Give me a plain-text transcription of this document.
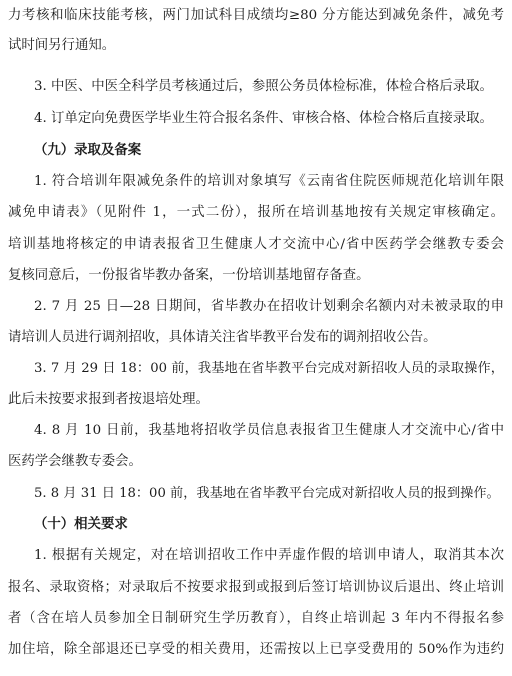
力考核和临床技能考核，两门加试科目成绩均≥80 分方能达到减免条件，减免考
试时间另行通知。
3. 中医、中医全科学员考核通过后，参照公务员体检标准，体检合格后录取。
4. 订单定向免费医学毕业生符合报名条件、审核合格、体检合格后直接录取。
（九）录取及备案
1. 符合培训年限减免条件的培训对象填写《云南省住院医师规范化培训年限
减免申请表》（见附件 1，一式二份），报所在培训基地按有关规定审核确定。
培训基地将核定的申请表报省卫生健康人才交流中心/省中医药学会继教专委会
复核同意后，一份报省毕教办备案，一份培训基地留存备查。
2. 7 月 25 日—28 日期间，省毕教办在招收计划剩余名额内对未被录取的申
请培训人员进行调剂招收，具体请关注省毕教平台发布的调剂招收公告。
3. 7 月 29 日 18：00 前，我基地在省毕教平台完成对新招收人员的录取操作，
此后未按要求报到者按退培处理。
4. 8 月 10 日前，我基地将招收学员信息表报省卫生健康人才交流中心/省中
医药学会继教专委会。
5. 8 月 31 日 18：00 前，我基地在省毕教平台完成对新招收人员的报到操作。
（十）相关要求
1. 根据有关规定，对在培训招收工作中弄虚作假的培训申请人，取消其本次
报名、录取资格；对录取后不按要求报到或报到后签订培训协议后退出、终止培训
者（含在培人员参加全日制研究生学历教育），自终止培训起 3 年内不得报名参
加住培，除全部退还已享受的相关费用，还需按以上已享受费用的 50%作为违约
